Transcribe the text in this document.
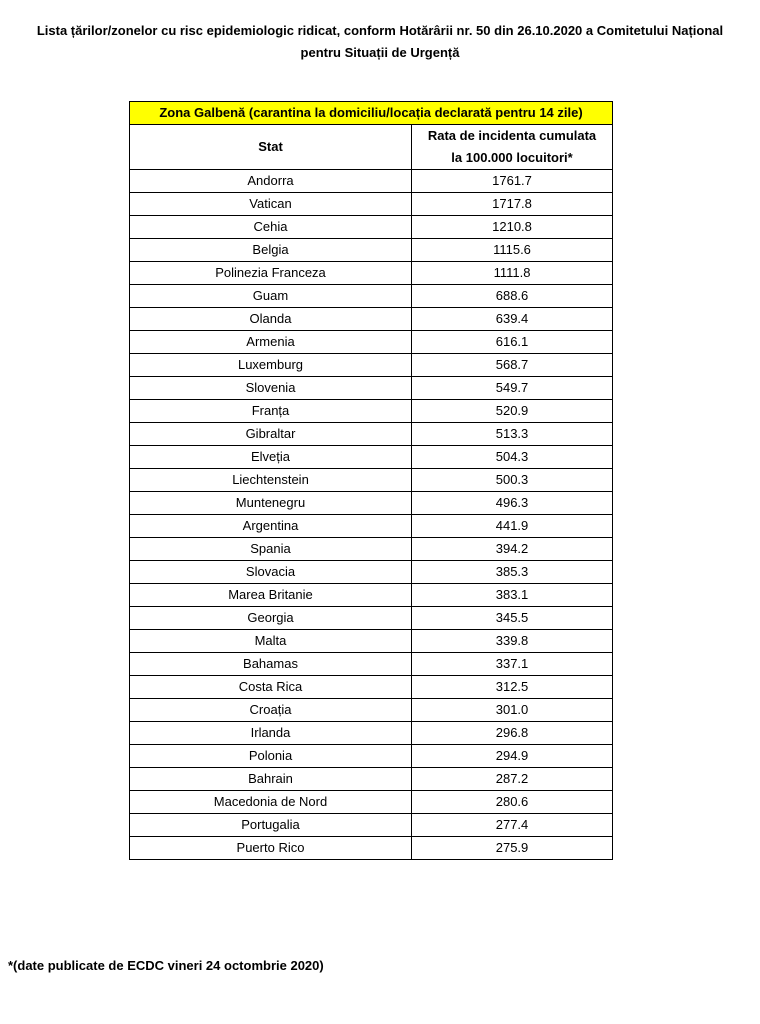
Lista țărilor/zonelor cu risc epidemiologic ridicat, conform Hotărârii nr. 50 din 26.10.2020 a Comitetului Național
pentru Situații de Urgență
Zona Galbenă (carantina la domiciliu/locația declarată pentru 14 zile)	
Stat	Rata de incidenta cumulata
la 100.000 locuitori*
Andorra	1761.7
Vatican	1717.8
Cehia	1210.8
Belgia	1115.6
Polinezia Franceza	1111.8
Guam	688.6
Olanda	639.4
Armenia	616.1
Luxemburg	568.7
Slovenia	549.7
Franța	520.9
Gibraltar	513.3
Elveția	504.3
Liechtenstein	500.3
Muntenegru	496.3
Argentina	441.9
Spania	394.2
Slovacia	385.3
Marea Britanie	383.1
Georgia	345.5
Malta	339.8
Bahamas	337.1
Costa Rica	312.5
Croația	301.0
Irlanda	296.8
Polonia	294.9
Bahrain	287.2
Macedonia de Nord	280.6
Portugalia	277.4
Puerto Rico	275.9
*(date publicate de ECDC vineri 24 octombrie 2020)
